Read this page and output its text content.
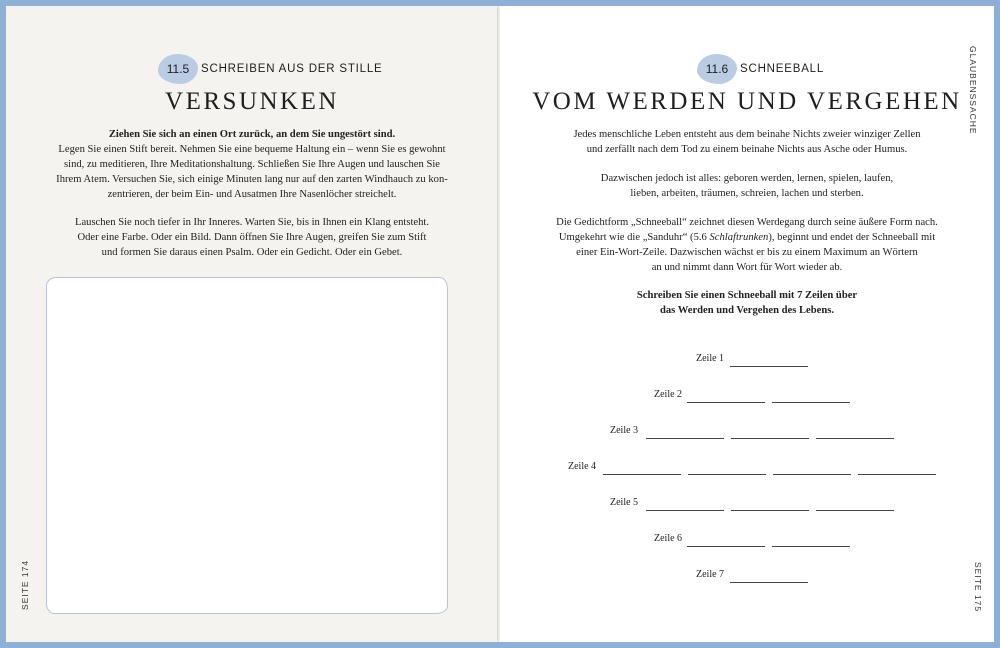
11.5	SCHREIBEN AUS DER STILLE
VERSUNKEN
Ziehen Sie sich an einen Ort zurück, an dem Sie ungestört sind.
Legen Sie einen Stift bereit. Nehmen Sie eine bequeme Haltung ein – wenn Sie es gewohnt
sind, zu meditieren, Ihre Meditationshaltung. Schließen Sie Ihre Augen und lauschen Sie
Ihrem Atem. Versuchen Sie, sich einige Minuten lang nur auf den zarten Windhauch zu kon-
zentrieren, der beim Ein- und Ausatmen Ihre Nasenlöcher streichelt.
Lauschen Sie noch tiefer in Ihr Inneres. Warten Sie, bis in Ihnen ein Klang entsteht.
Oder eine Farbe. Oder ein Bild. Dann öffnen Sie Ihre Augen, greifen Sie zum Stift
und formen Sie daraus einen Psalm. Oder ein Gedicht. Oder ein Gebet.
SEITE 174
11.6	SCHNEEBALL
VOM WERDEN UND VERGEHEN GLAUBENSSACHE
Jedes menschliche Leben entsteht aus dem beinahe Nichts zweier winziger Zellen
und zerfällt nach dem Tod zu einem beinahe Nichts aus Asche oder Humus.
Dazwischen jedoch ist alles: geboren werden, lernen, spielen, laufen,
lieben, arbeiten, träumen, schreien, lachen und sterben.
Die Gedichtform „Schneeball“ zeichnet diesen Werdegang durch seine äußere Form nach.
Umgekehrt wie die „Sanduhr“ (5.6 Schlaftrunken), beginnt und endet der Schneeball mit
einer Ein-Wort-Zeile. Dazwischen wächst er bis zu einem Maximum an Wörtern
an und nimmt dann Wort für Wort wieder ab.
Schreiben Sie einen Schneeball mit 7 Zeilen über
das Werden und Vergehen des Lebens.
Zeile 1
Zeile 2
Zeile 3
Zeile 4
Zeile 5
Zeile 6
Zeile 7	SEITE 175
